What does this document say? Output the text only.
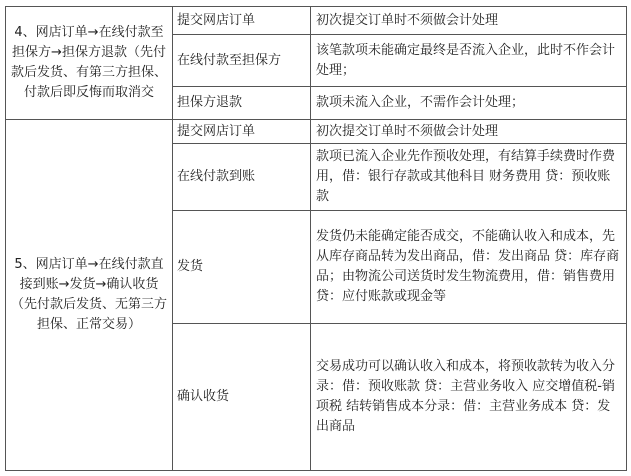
4、网店订单→在线付款至担保方→担保方退款（先付款后发货、有第三方担保、付款后即反悔而取消交	提交网店订单	初次提交订单时不须做会计处理
	在线付款至担保方	该笔款项未能确定最终是否流入企业，此时不作会计处理；
	担保方退款	款项未流入企业，不需作会计处理；
5、网店订单→在线付款直接到账→发货→确认收货（先付款后发货、无第三方担保、正常交易）	提交网店订单	初次提交订单时不须做会计处理
	在线付款到账	款项已流入企业先作预收处理，有结算手续费时作费用，借：银行存款或其他科目 财务费用 贷：预收账款
	发货	发货仍未能确定能否成交，不能确认收入和成本，先从库存商品转为发出商品，借：发出商品 贷：库存商品；由物流公司送货时发生物流费用，借：销售费用 贷：应付账款或现金等
	确认收货	交易成功可以确认收入和成本，将预收款转为收入分录：借：预收账款 贷：主营业务收入 应交增值税-销项税 结转销售成本分录：借：主营业务成本 贷：发出商品
